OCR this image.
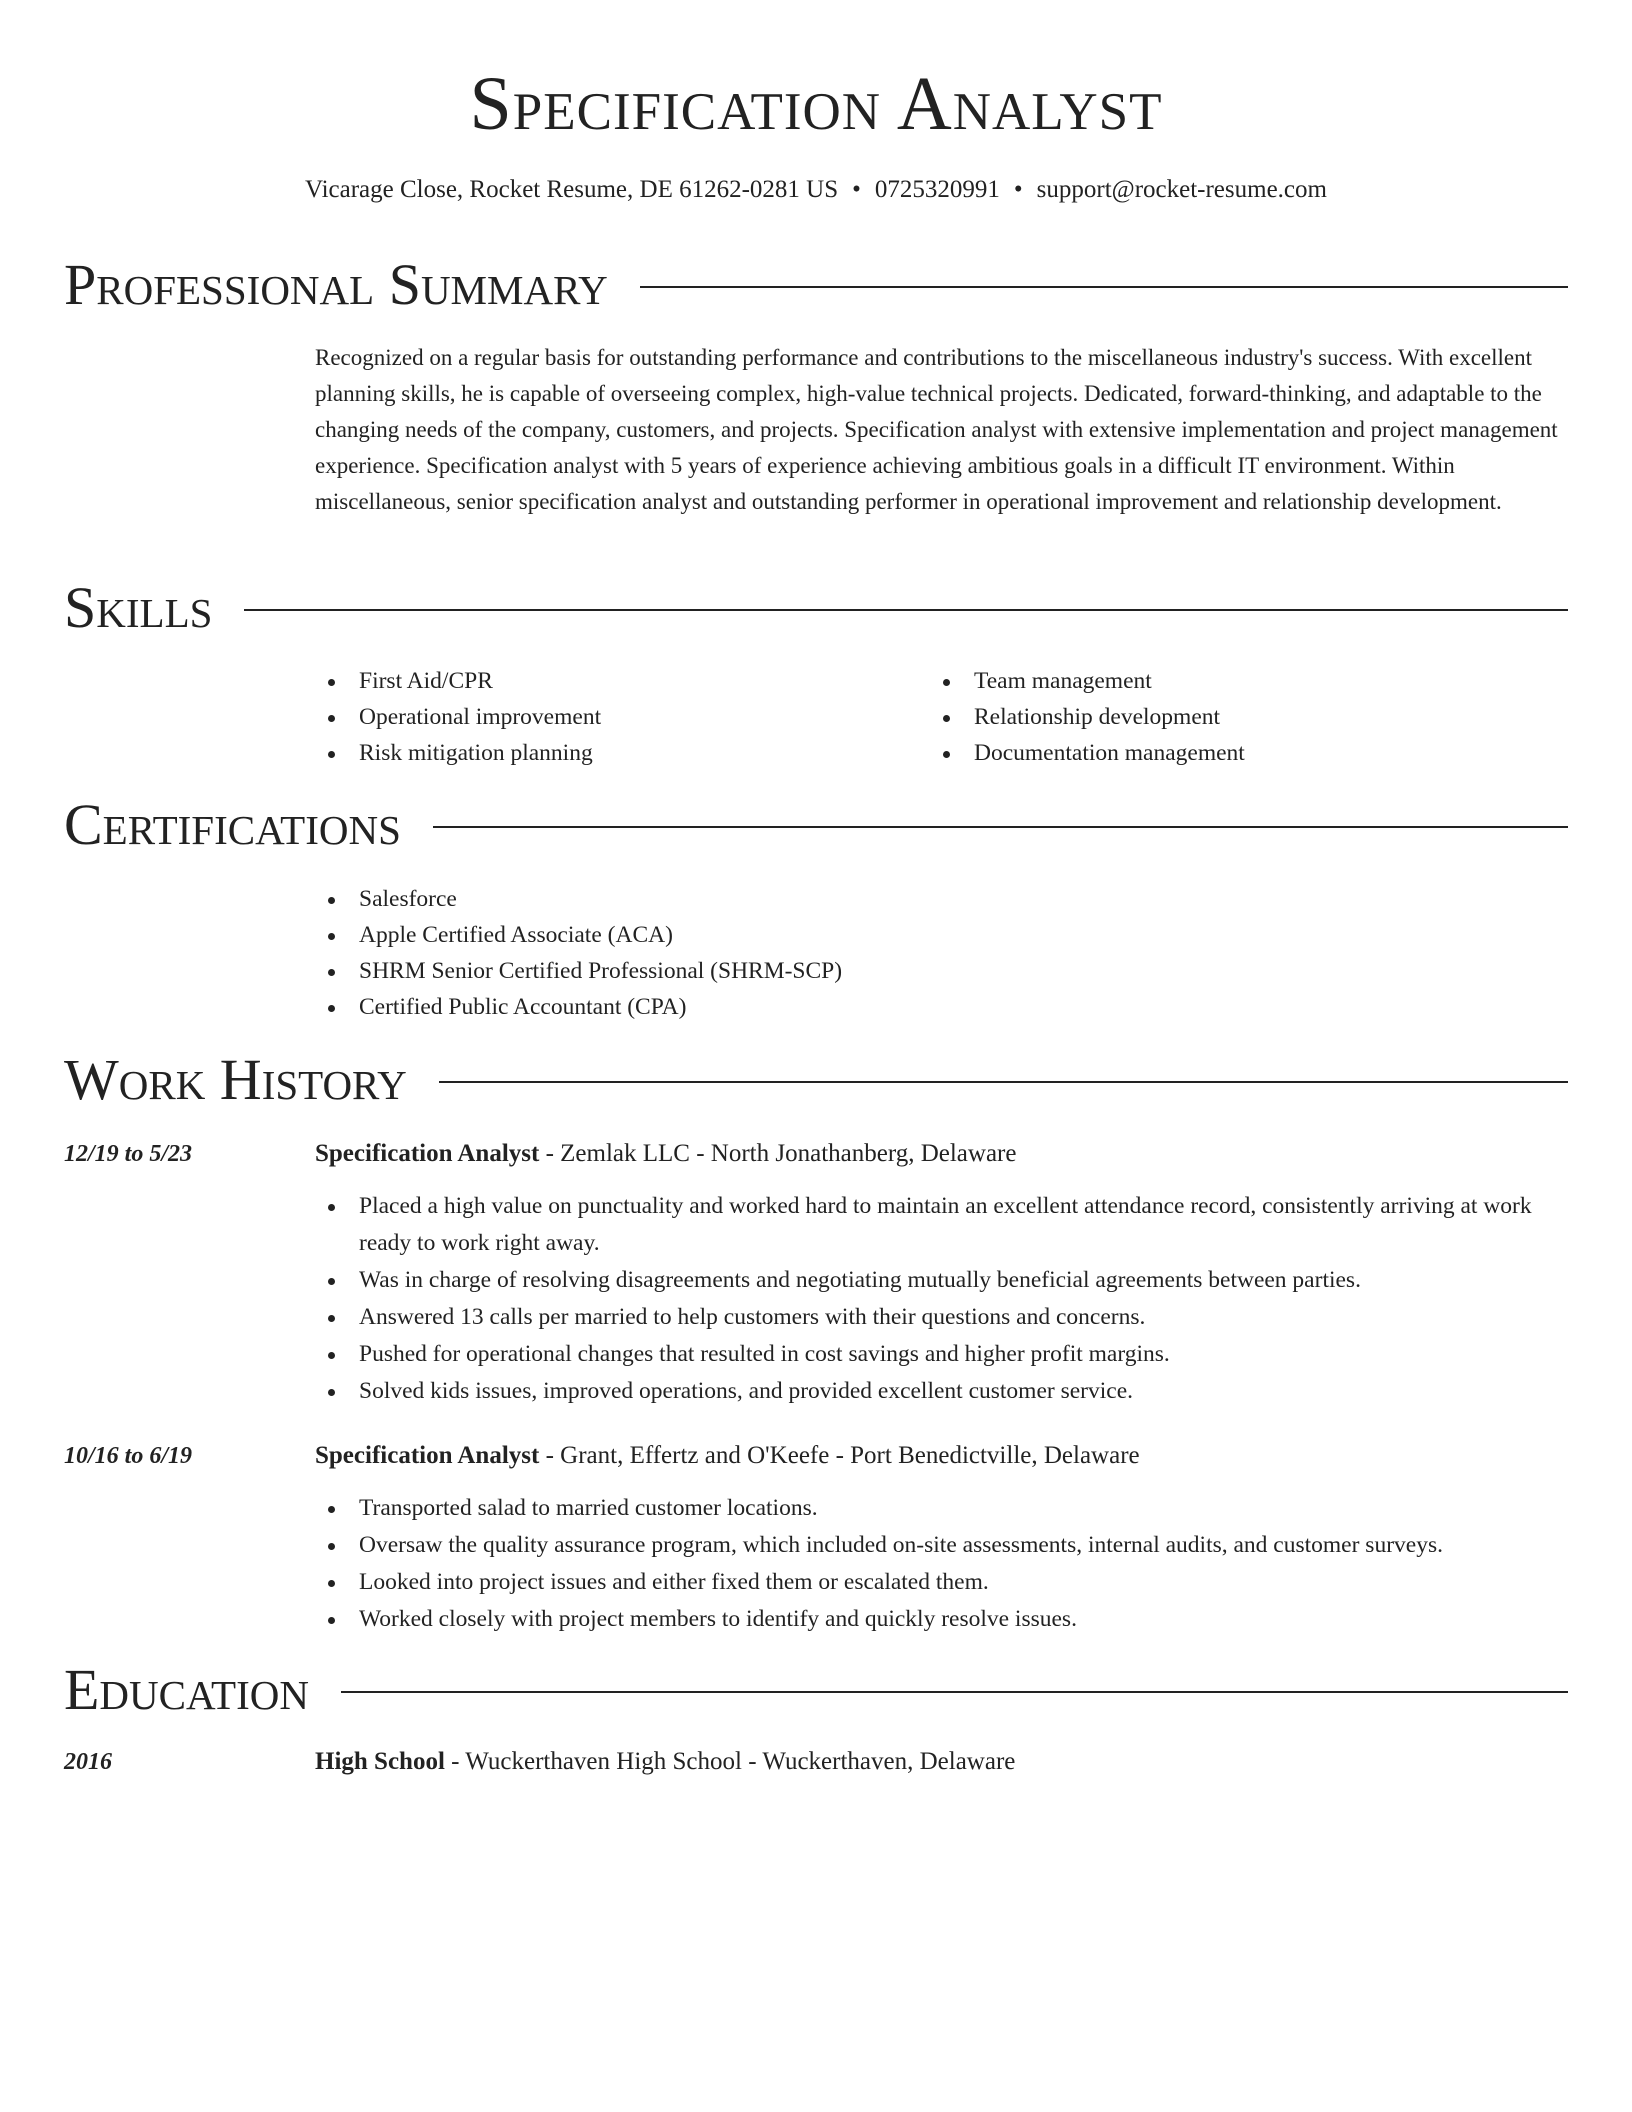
Specification Analyst
Vicarage Close, Rocket Resume, DE 61262-0281 US • 0725320991 • support@rocket-resume.com
Professional Summary

Recognized on a regular basis for outstanding performance and contributions to the miscellaneous industry's success. With excellent planning skills, he is capable of overseeing complex, high-value technical projects. Dedicated, forward-thinking, and adaptable to the changing needs of the company, customers, and projects. Specification analyst with extensive implementation and project management experience. Specification analyst with 5 years of experience achieving ambitious goals in a difficult IT environment. Within miscellaneous, senior specification analyst and outstanding performer in operational improvement and relationship development.

Skills
First Aid/CPR
Operational improvement
Risk mitigation planning
Team management
Relationship development
Documentation management
Certifications
Salesforce
Apple Certified Associate (ACA)
SHRM Senior Certified Professional (SHRM-SCP)
Certified Public Accountant (CPA)
Work History
12/19 to 5/23	Specification Analyst - Zemlak LLC - North Jonathanberg, Delaware
Placed a high value on punctuality and worked hard to maintain an excellent attendance record, consistently arriving at work ready to work right away.
Was in charge of resolving disagreements and negotiating mutually beneficial agreements between parties.
Answered 13 calls per married to help customers with their questions and concerns.
Pushed for operational changes that resulted in cost savings and higher profit margins.
Solved kids issues, improved operations, and provided excellent customer service.
10/16 to 6/19	Specification Analyst - Grant, Effertz and O'Keefe - Port Benedictville, Delaware
Transported salad to married customer locations.
Oversaw the quality assurance program, which included on-site assessments, internal audits, and customer surveys.
Looked into project issues and either fixed them or escalated them.
Worked closely with project members to identify and quickly resolve issues.
Education
2016	High School - Wuckerthaven High School - Wuckerthaven, Delaware
